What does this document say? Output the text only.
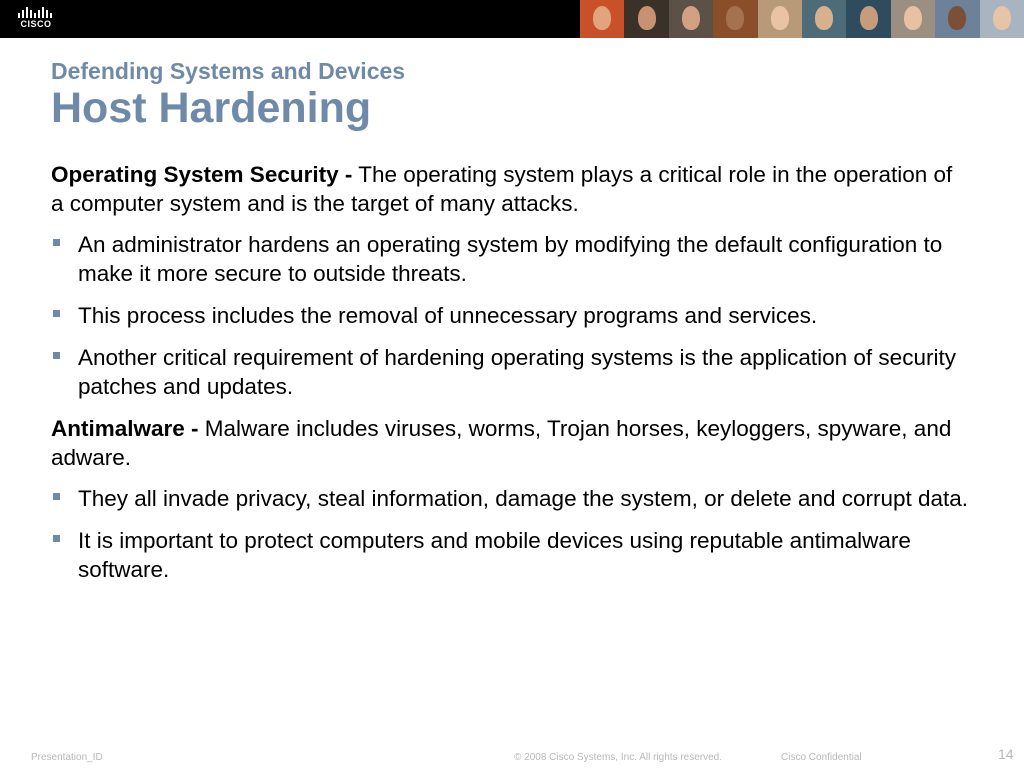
CISCO
Defending Systems and Devices
Host Hardening
Operating System Security - The operating system plays a critical role in the operation of a computer system and is the target of many attacks.
An administrator hardens an operating system by modifying the default configuration to make it more secure to outside threats.
This process includes the removal of unnecessary programs and services.
Another critical requirement of hardening operating systems is the application of security patches and updates.
Antimalware - Malware includes viruses, worms, Trojan horses, keyloggers, spyware, and adware.
They all invade privacy, steal information, damage the system, or delete and corrupt data.
It is important to protect computers and mobile devices using reputable antimalware software.
Presentation_ID	© 2008 Cisco Systems, Inc. All rights reserved.	Cisco Confidential	14
